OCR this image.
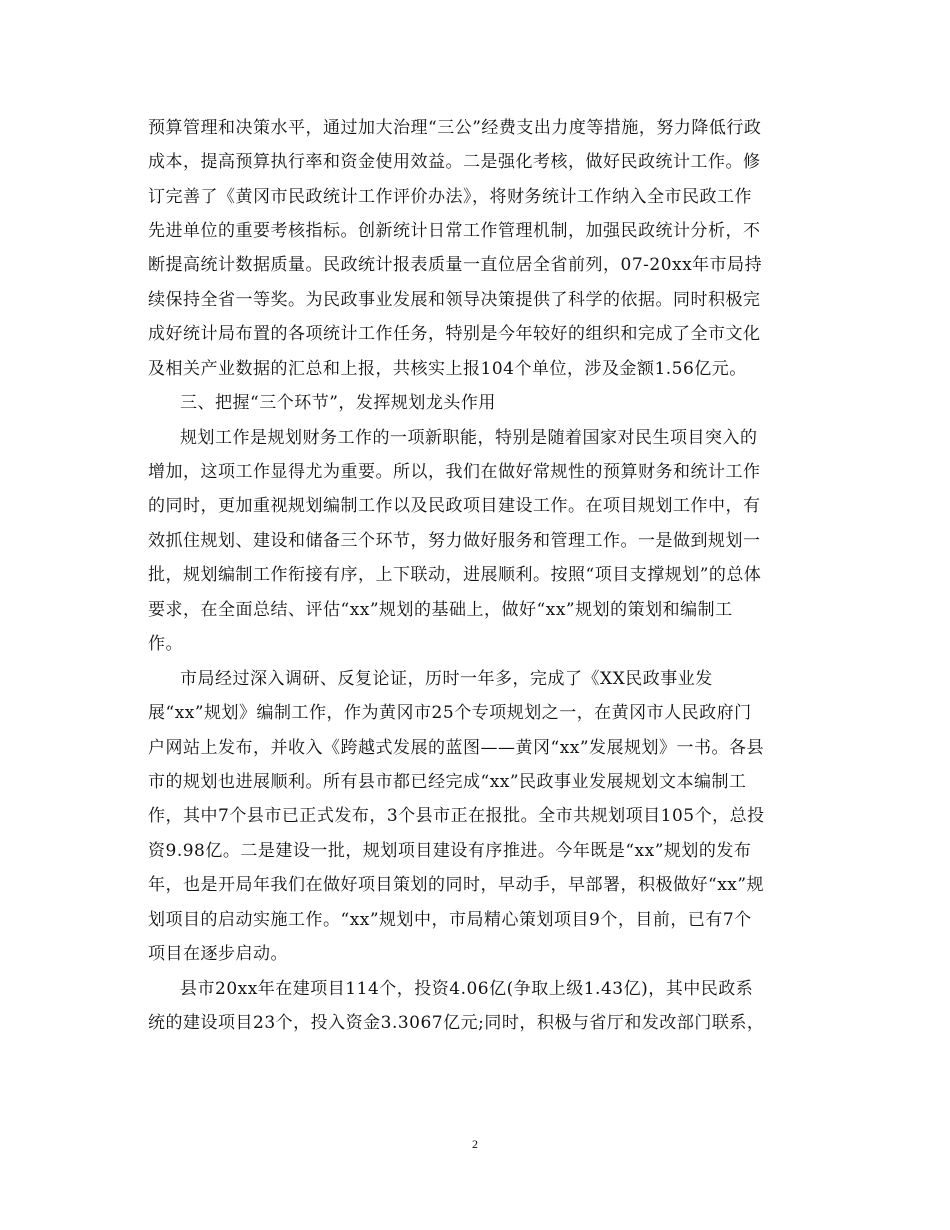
预算管理和决策水平，通过加大治理“三公”经费支出力度等措施，努力降低行政
成本，提高预算执行率和资金使用效益。二是强化考核，做好民政统计工作。修
订完善了《黄冈市民政统计工作评价办法》，将财务统计工作纳入全市民政工作
先进单位的重要考核指标。创新统计日常工作管理机制，加强民政统计分析，不
断提高统计数据质量。民政统计报表质量一直位居全省前列，07-20xx年市局持
续保持全省一等奖。为民政事业发展和领导决策提供了科学的依据。同时积极完
成好统计局布置的各项统计工作任务，特别是今年较好的组织和完成了全市文化
及相关产业数据的汇总和上报，共核实上报104个单位，涉及金额1.56亿元。
三、把握“三个环节”，发挥规划龙头作用
规划工作是规划财务工作的一项新职能，特别是随着国家对民生项目突入的
增加，这项工作显得尤为重要。所以，我们在做好常规性的预算财务和统计工作
的同时，更加重视规划编制工作以及民政项目建设工作。在项目规划工作中，有
效抓住规划、建设和储备三个环节，努力做好服务和管理工作。一是做到规划一
批，规划编制工作衔接有序，上下联动，进展顺利。按照“项目支撑规划”的总体
要求，在全面总结、评估“xx”规划的基础上，做好“xx”规划的策划和编制工
作。
市局经过深入调研、反复论证，历时一年多，完成了《XX民政事业发
展“xx”规划》编制工作，作为黄冈市25个专项规划之一，在黄冈市人民政府门
户网站上发布，并收入《跨越式发展的蓝图——黄冈“xx”发展规划》一书。各县
市的规划也进展顺利。所有县市都已经完成“xx”民政事业发展规划文本编制工
作，其中7个县市已正式发布，3个县市正在报批。全市共规划项目105个，总投
资9.98亿。二是建设一批，规划项目建设有序推进。今年既是“xx”规划的发布
年，也是开局年我们在做好项目策划的同时，早动手，早部署，积极做好“xx”规
划项目的启动实施工作。“xx”规划中，市局精心策划项目9个，目前，已有7个
项目在逐步启动。
县市20xx年在建项目114个，投资4.06亿(争取上级1.43亿)，其中民政系
统的建设项目23个，投入资金3.3067亿元;同时，积极与省厅和发改部门联系，
2
